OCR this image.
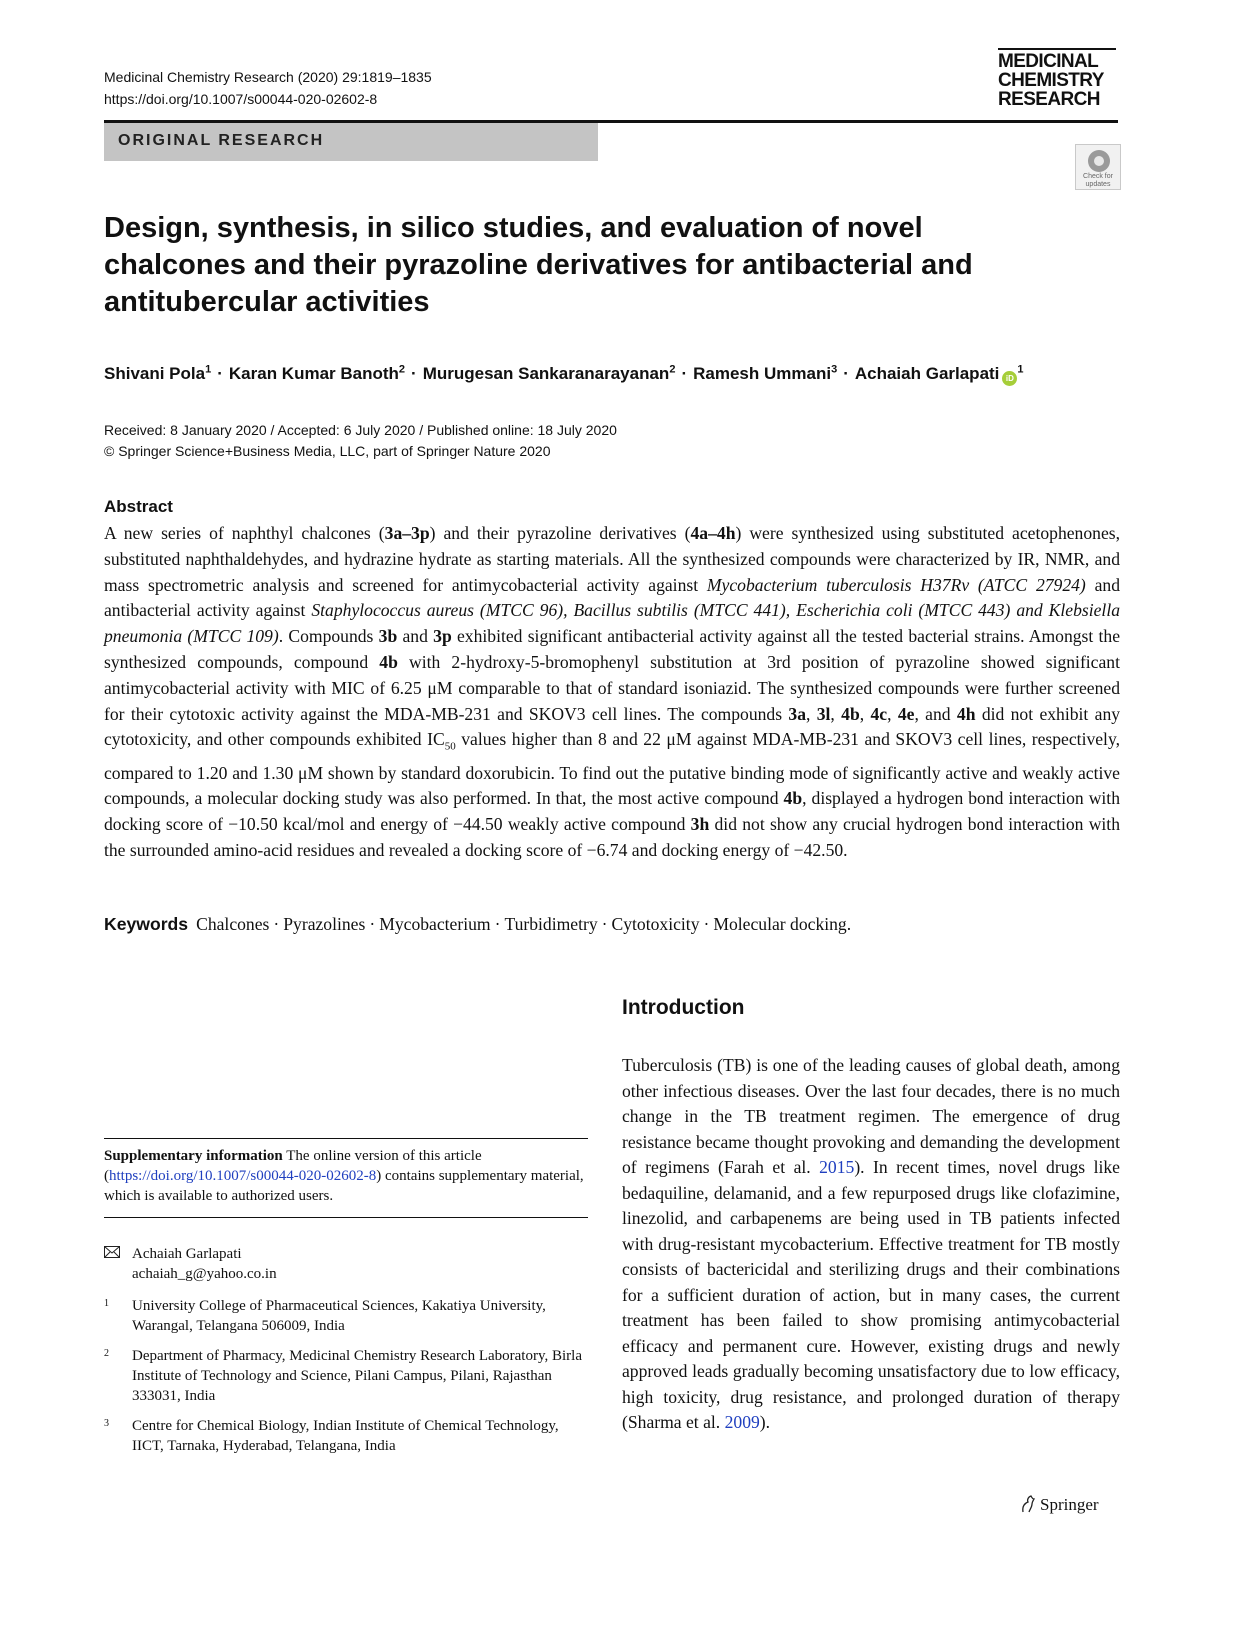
Medicinal Chemistry Research (2020) 29:1819–1835
https://doi.org/10.1007/s00044-020-02602-8
MEDICINAL
CHEMISTRY
RESEARCH
ORIGINAL RESEARCH
Check for updates
Design, synthesis, in silico studies, and evaluation of novel chalcones and their pyrazoline derivatives for antibacterial and antitubercular activities
Shivani Pola$^1$ · Karan Kumar Banoth$^2$ · Murugesan Sankaranarayanan$^2$ · Ramesh Ummani$^3$ · Achaiah Garlapati $iD^1$
Received: 8 January 2020 / Accepted: 6 July 2020 / Published online: 18 July 2020
© Springer Science+Business Media, LLC, part of Springer Nature 2020
Abstract
A new series of naphthyl chalcones (3a–3p) and their pyrazoline derivatives (4a–4h) were synthesized using substituted acetophenones, substituted naphthaldehydes, and hydrazine hydrate as starting materials. All the synthesized compounds were characterized by IR, NMR, and mass spectrometric analysis and screened for antimycobacterial activity against Mycobacterium tuberculosis H37Rv (ATCC 27924) and antibacterial activity against Staphylococcus aureus (MTCC 96), Bacillus subtilis (MTCC 441), Escherichia coli (MTCC 443) and Klebsiella pneumonia (MTCC 109). Compounds 3b and 3p exhibited significant antibacterial activity against all the tested bacterial strains. Amongst the synthesized compounds, compound 4b with 2-hydroxy-5-bromophenyl substitution at 3rd position of pyrazoline showed significant antimycobacterial activity with MIC of 6.25 μM comparable to that of standard isoniazid. The synthesized compounds were further screened for their cytotoxic activity against the MDA-MB-231 and SKOV3 cell lines. The compounds 3a, 3l, 4b, 4c, 4e, and 4h did not exhibit any cytotoxicity, and other compounds exhibited $IC_{50}$ values higher than 8 and 22 μM against MDA-MB-231 and SKOV3 cell lines, respectively, compared to 1.20 and 1.30 μM shown by standard doxorubicin. To find out the putative binding mode of significantly active and weakly active compounds, a molecular docking study was also performed. In that, the most active compound 4b, displayed a hydrogen bond interaction with docking score of −10.50 kcal/mol and energy of −44.50 weakly active compound 3h did not show any crucial hydrogen bond interaction with the surrounded amino-acid residues and revealed a docking score of −6.74 and docking energy of −42.50.
Keywords Chalcones · Pyrazolines · Mycobacterium · Turbidimetry · Cytotoxicity · Molecular docking.
Supplementary information The online version of this article (https://doi.org/10.1007/s00044-020-02602-8) contains supplementary material, which is available to authorized users.
Achaiah Garlapati
achaiah_g@yahoo.co.in
1 University College of Pharmaceutical Sciences, Kakatiya University, Warangal, Telangana 506009, India
2 Department of Pharmacy, Medicinal Chemistry Research Laboratory, Birla Institute of Technology and Science, Pilani Campus, Pilani, Rajasthan 333031, India
3 Centre for Chemical Biology, Indian Institute of Chemical Technology, IICT, Tarnaka, Hyderabad, Telangana, India
Introduction
Tuberculosis (TB) is one of the leading causes of global death, among other infectious diseases. Over the last four decades, there is no much change in the TB treatment regimen. The emergence of drug resistance became thought provoking and demanding the development of regimens (Farah et al. 2015). In recent times, novel drugs like bedaquiline, delamanid, and a few repurposed drugs like clofazimine, linezolid, and carbapenems are being used in TB patients infected with drug-resistant mycobacterium. Effective treatment for TB mostly consists of bactericidal and sterilizing drugs and their combinations for a sufficient duration of action, but in many cases, the current treatment has been failed to show promising antimycobacterial efficacy and permanent cure. However, existing drugs and newly approved leads gradually becoming unsatisfactory due to low efficacy, high toxicity, drug resistance, and prolonged duration of therapy (Sharma et al. 2009).
Springer
